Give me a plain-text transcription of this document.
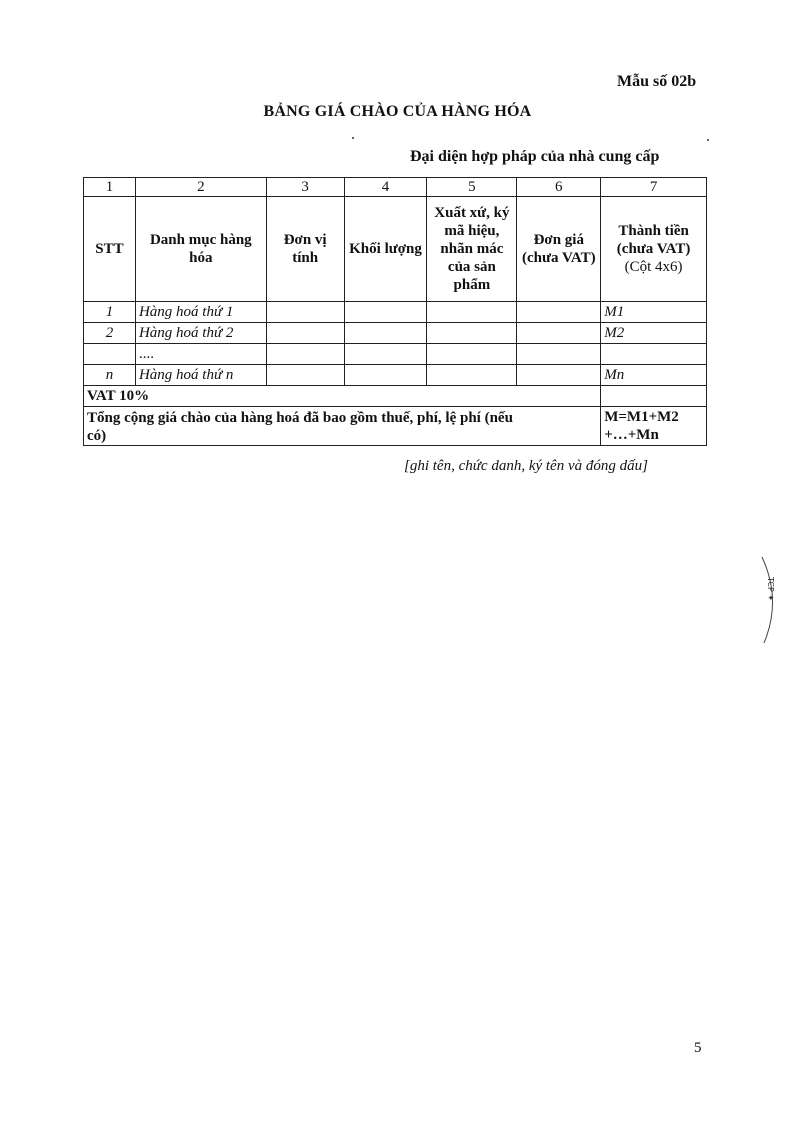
Mẫu số 02b
BẢNG GIÁ CHÀO CỦA HÀNG HÓA
Đại diện hợp pháp của nhà cung cấp
1	2	3	4	5	6	7
STT	Danh mục hàng hóa	Đơn vị tính	Khối lượng	Xuất xứ, ký mã hiệu, nhãn mác của sản phẩm	Đơn giá (chưa VAT)	Thành tiền (chưa VAT)
(Cột 4x6)

1	Hàng hoá thứ 1					M1
2	Hàng hoá thứ 2					M2
	....					
n	Hàng hoá thứ n					Mn
VAT 10%						

Tổng cộng giá chào của hàng hoá đã bao gồm thuế, phí, lệ phí (nếu có)						M=M1+M2
+…+Mn
[ghi tên, chức danh, ký tên và đóng dấu]
TCP ✦
5
